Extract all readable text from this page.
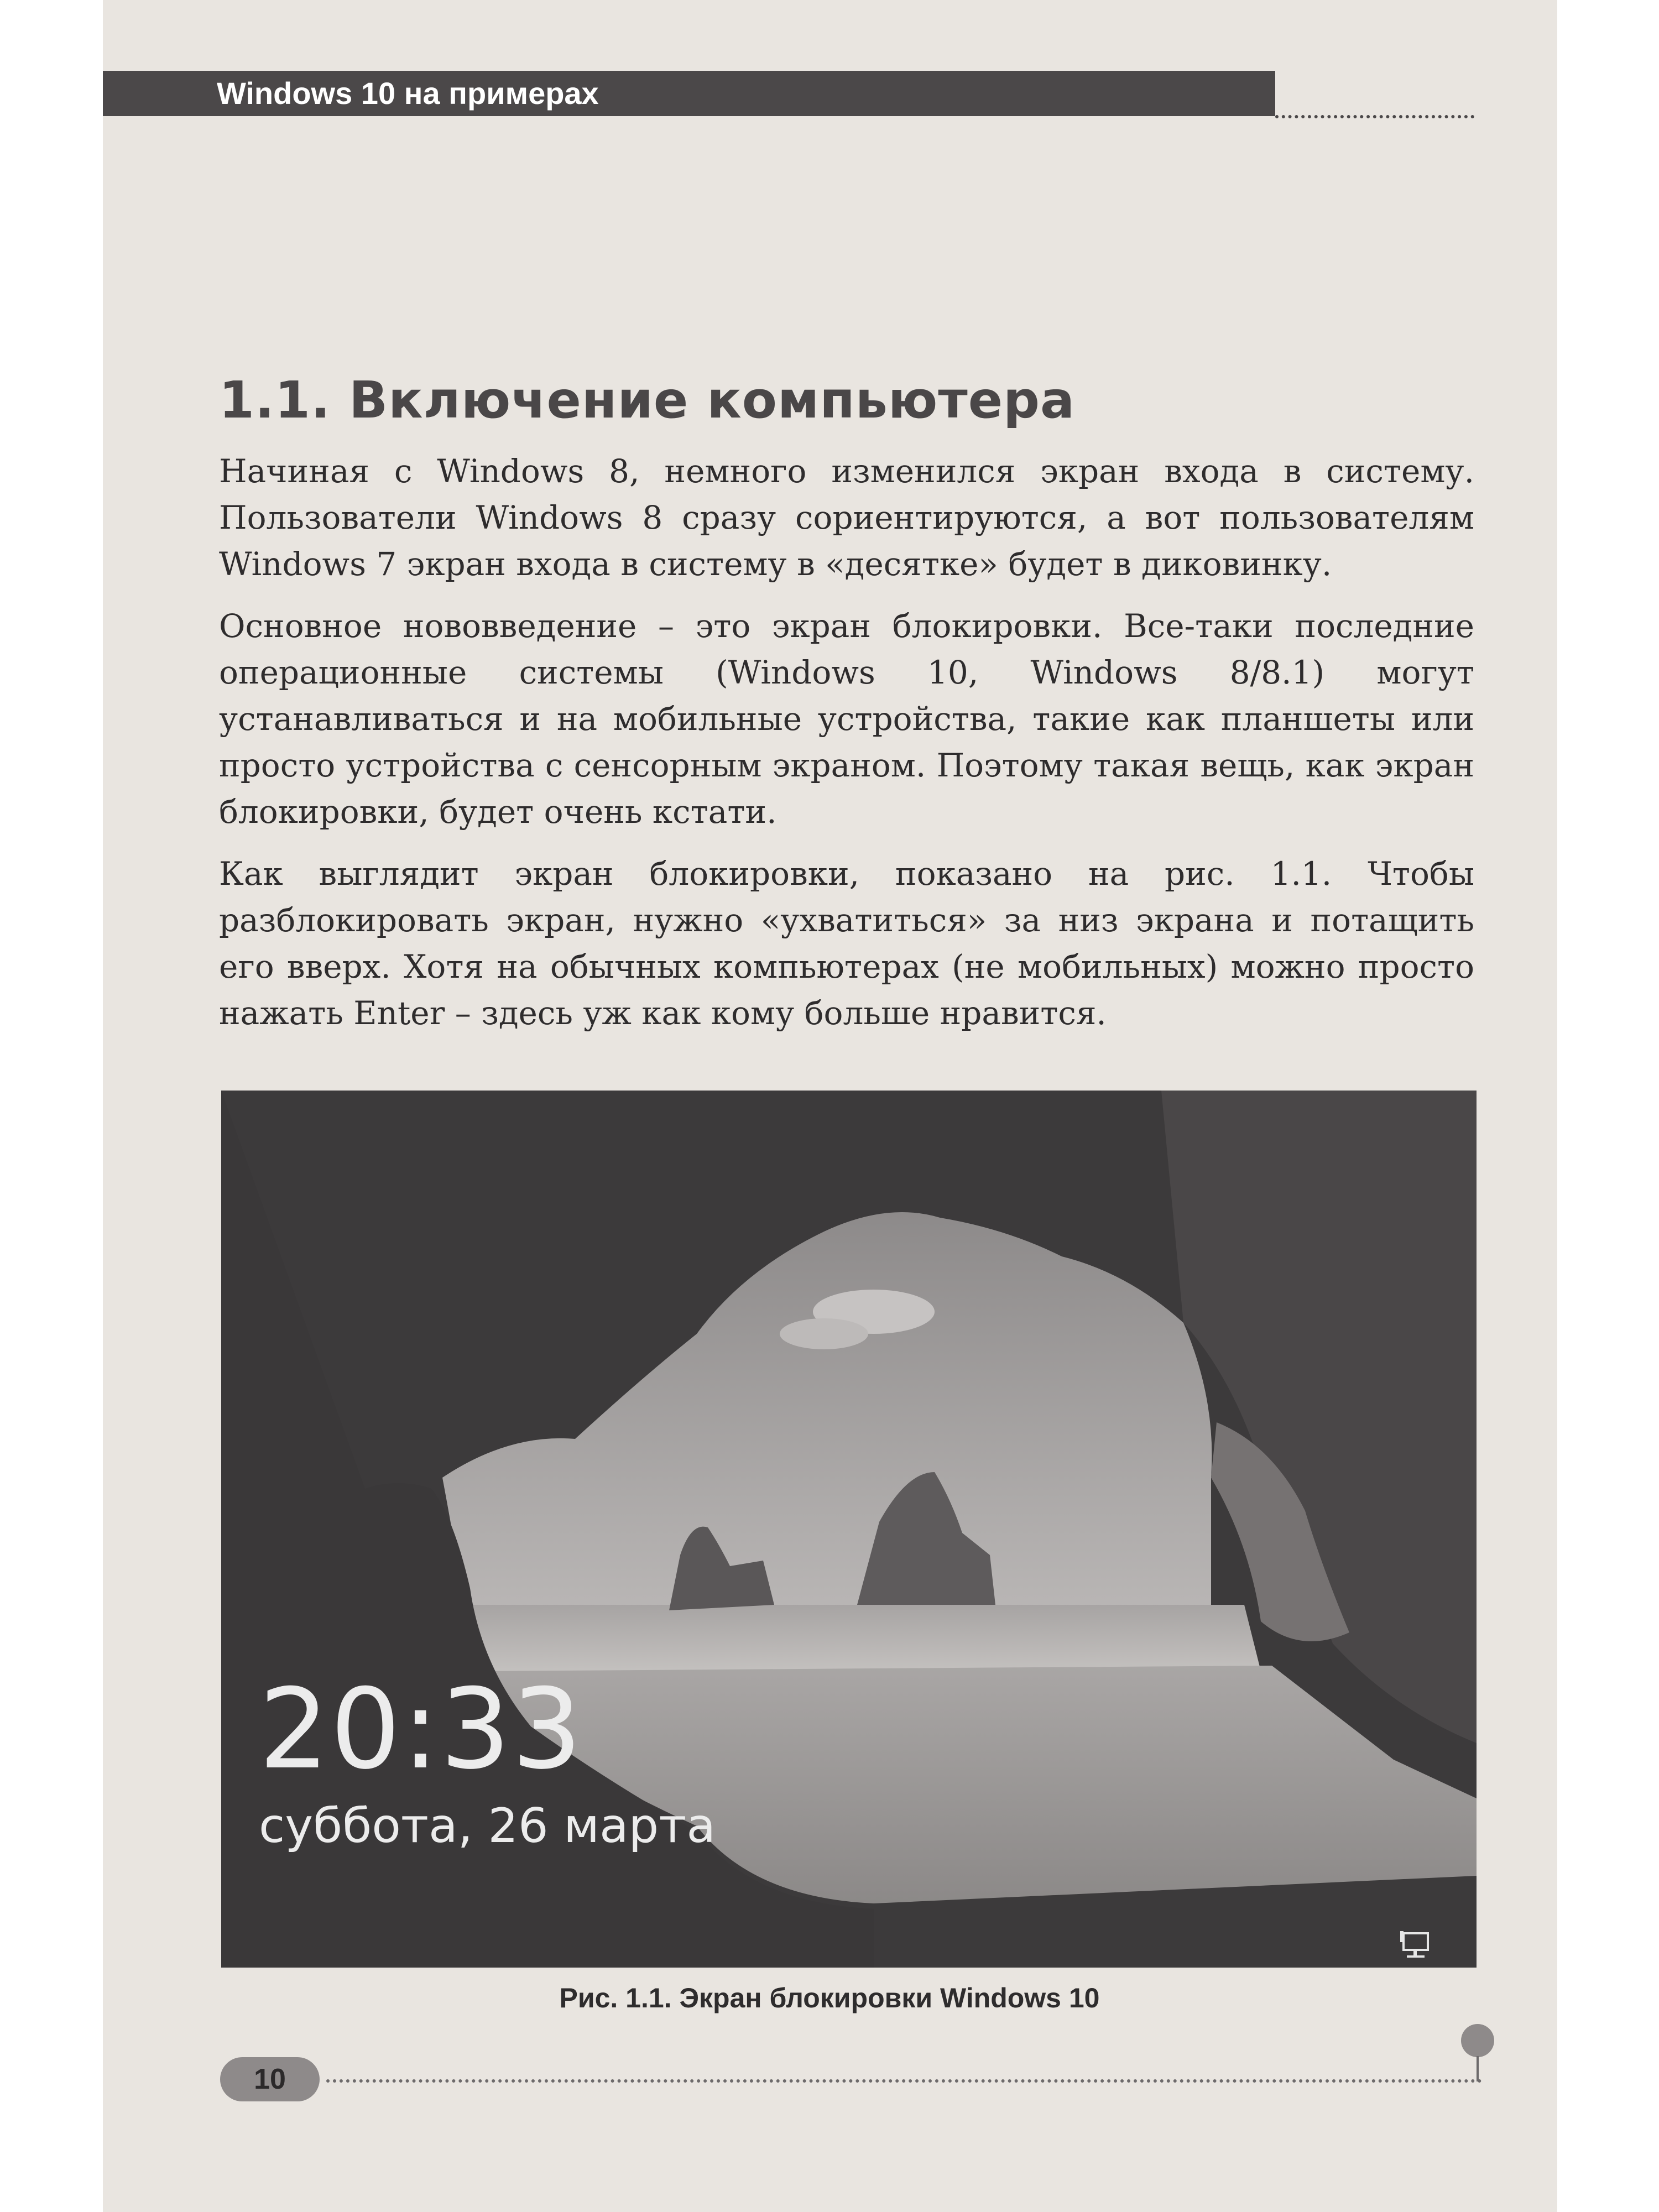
Windows 10 на примерах
1.1. Включение компьютера

Начиная с Windows 8, немного изменился экран входа в систему. Пользователи Windows 8 сразу сориентируются, а вот пользователям Windows 7 экран входа в систему в «десятке» будет в диковинку.

Основное нововведение – это экран блокировки. Все-таки последние операционные системы (Windows 10, Windows 8/8.1) могут устанавливаться и на мобильные устройства, такие как планшеты или просто устройства с сенсорным экраном. Поэтому такая вещь, как экран блокировки, будет очень кстати.

Как выглядит экран блокировки, показано на рис. 1.1. Чтобы разблокировать экран, нужно «ухватиться» за низ экрана и потащить его вверх. Хотя на обычных компьютерах (не мобильных) можно просто нажать Enter – здесь уж как кому больше нравится.

20:33

суббота, 26 марта

Рис. 1.1. Экран блокировки Windows 10

10
